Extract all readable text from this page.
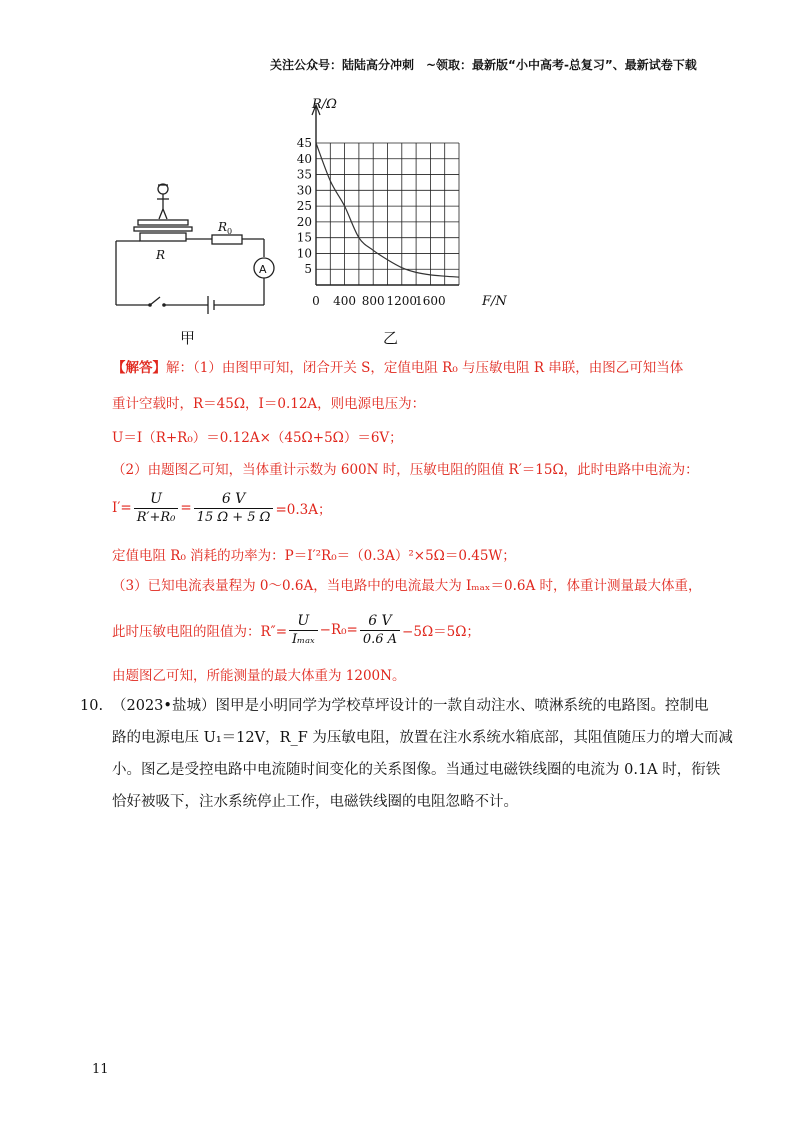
关注公众号：陆陆高分冲刺　~领取：最新版“小中高考-总复习”、最新试卷下载
R
$R_0$
A
甲
5
10
15
20
25
30
35
40
45
0 400 800 1200
1600
R/Ω
F/N
乙
【解答】解：（1）由图甲可知，闭合开关 S，定值电阻 R₀ 与压敏电阻 R 串联，由图乙可知当体
重计空载时，R＝45Ω，I＝0.12A，则电源电压为：
U＝I（R+R₀）＝0.12A×（45Ω+5Ω）＝6V；
（2）由题图乙可知，当体重计示数为 600N 时，压敏电阻的阻值 R′＝15Ω，此时电路中电流为：
$I'= \frac{U}{\text{R′+R₀}} = \frac{6 V}{15 \Omega + 5 \Omega} =0.3A$；
定值电阻 R₀ 消耗的功率为：P＝I′²R₀＝（0.3A）²×5Ω＝0.45W；
（3）已知电流表量程为 0～0.6A，当电路中的电流最大为 Iₘₐₓ＝0.6A 时，体重计测量最大体重，
此时压敏电阻的阻值为：$R''= \frac{U}{\text{Iₘₐₓ}} -R_0= \frac{6 V}{0.6 A} -5\Omega=5\Omega$；
由题图乙可知，所能测量的最大体重为 1200N。
10. （2023•盐城）图甲是小明同学为学校草坪设计的一款自动注水、喷淋系统的电路图。控制电
路的电源电压 U₁＝12V，R_F 为压敏电阻，放置在注水系统水箱底部，其阻值随压力的增大而减
小。图乙是受控电路中电流随时间变化的关系图像。当通过电磁铁线圈的电流为 0.1A 时，衔铁
恰好被吸下，注水系统停止工作，电磁铁线圈的电阻忽略不计。
11
